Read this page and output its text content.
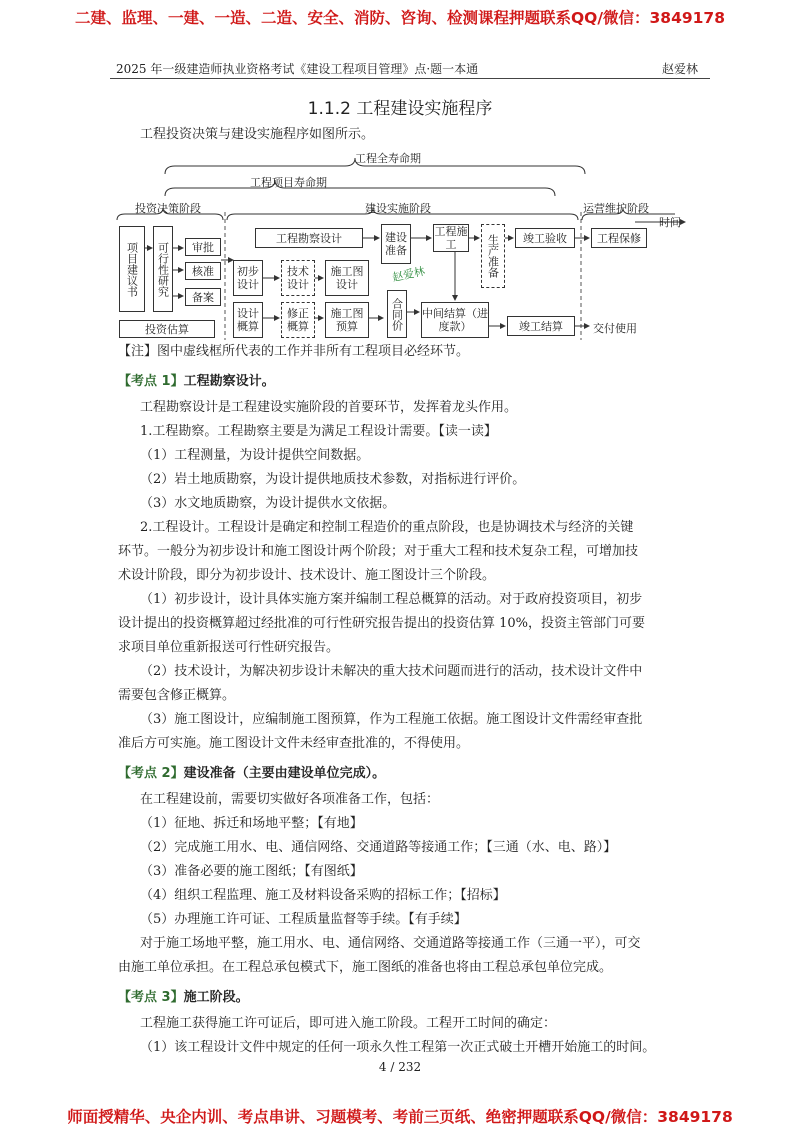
二建、监理、一建、一造、二造、安全、消防、咨询、检测课程押题联系QQ/微信：3849178
2025 年一级建造师执业资格考试《建设工程项目管理》点·题一本通	赵爱林
1.1.2 工程建设实施程序
工程投资决策与建设实施程序如图所示。
工程全寿命期
工程项目寿命期
投资决策阶段	建设实施阶段	运营维护阶段
时间
项目建议书	可行性研究	审批
核准
备案
投资估算
工程勘察设计
初步设计
技术设计
施工图设计
设计概算
修正概算
施工图预算
建设准备
合同价
工程施工
中间结算（进度款）
生产准备	竣工验收
竣工结算
工程保修
交付使用
赵爱林
【注】图中虚线框所代表的工作并非所有工程项目必经环节。
【考点 1】工程勘察设计。
工程勘察设计是工程建设实施阶段的首要环节，发挥着龙头作用。
1.工程勘察。工程勘察主要是为满足工程设计需要。【读一读】
（1）工程测量，为设计提供空间数据。
（2）岩土地质勘察，为设计提供地质技术参数，对指标进行评价。
（3）水文地质勘察，为设计提供水文依据。
2.工程设计。工程设计是确定和控制工程造价的重点阶段，也是协调技术与经济的关键
环节。一般分为初步设计和施工图设计两个阶段；对于重大工程和技术复杂工程，可增加技
术设计阶段，即分为初步设计、技术设计、施工图设计三个阶段。
（1）初步设计，设计具体实施方案并编制工程总概算的活动。对于政府投资项目，初步
设计提出的投资概算超过经批准的可行性研究报告提出的投资估算 10%，投资主管部门可要
求项目单位重新报送可行性研究报告。
（2）技术设计，为解决初步设计未解决的重大技术问题而进行的活动，技术设计文件中
需要包含修正概算。
（3）施工图设计，应编制施工图预算，作为工程施工依据。施工图设计文件需经审查批
准后方可实施。施工图设计文件未经审查批准的，不得使用。
【考点 2】建设准备（主要由建设单位完成）。
在工程建设前，需要切实做好各项准备工作，包括：
（1）征地、拆迁和场地平整；【有地】
（2）完成施工用水、电、通信网络、交通道路等接通工作；【三通（水、电、路）】
（3）准备必要的施工图纸；【有图纸】
（4）组织工程监理、施工及材料设备采购的招标工作；【招标】
（5）办理施工许可证、工程质量监督等手续。【有手续】
对于施工场地平整，施工用水、电、通信网络、交通道路等接通工作（三通一平），可交
由施工单位承担。在工程总承包模式下，施工图纸的准备也将由工程总承包单位完成。
【考点 3】施工阶段。
工程施工获得施工许可证后，即可进入施工阶段。工程开工时间的确定：
（1）该工程设计文件中规定的任何一项永久性工程第一次正式破土开槽开始施工的时间。
4 / 232
师面授精华、央企内训、考点串讲、习题模考、考前三页纸、绝密押题联系QQ/微信：3849178
